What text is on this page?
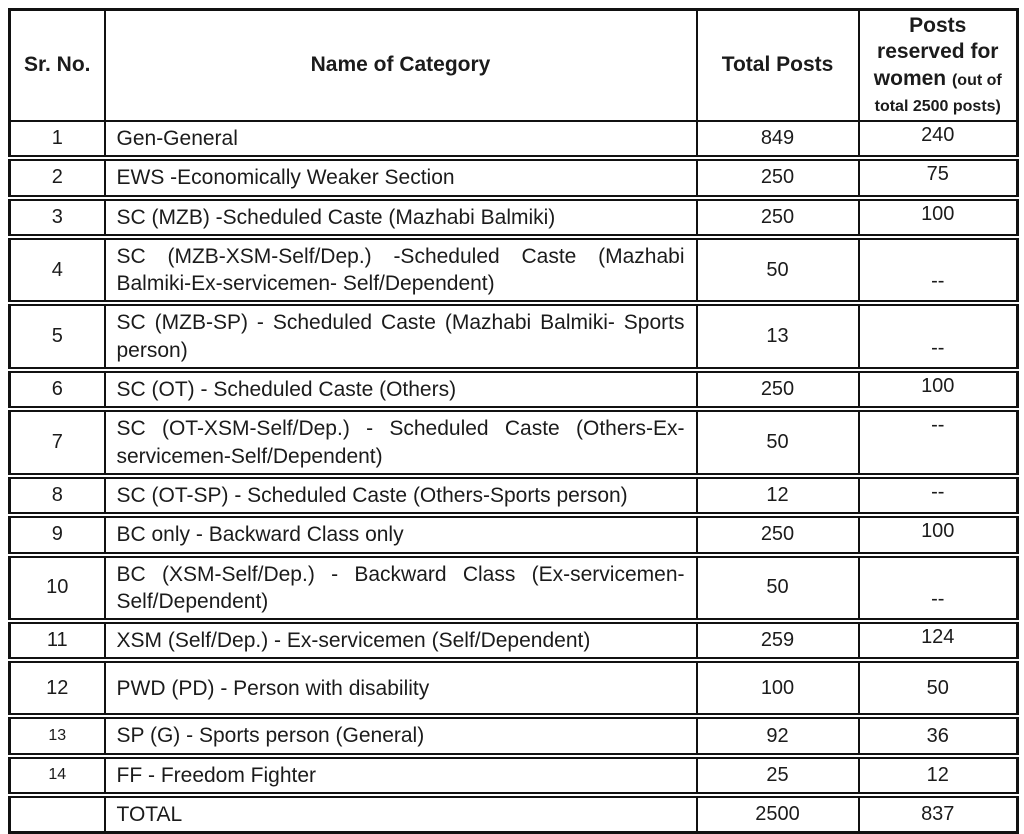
Sr. No.	Name of Category	Total Posts	Posts reserved for women (out of total 2500 posts)
1	Gen-General	849	240
2	EWS -Economically Weaker Section	250	75
3	SC (MZB) -Scheduled Caste (Mazhabi Balmiki)	250	100
4	SC (MZB-XSM-Self/Dep.) -Scheduled Caste (Mazhabi Balmiki-Ex-servicemen- Self/Dependent)	50	--
5	SC (MZB-SP) - Scheduled Caste (Mazhabi Balmiki- Sports person)	13	--
6	SC (OT) - Scheduled Caste (Others)	250	100
7	SC (OT-XSM-Self/Dep.) - Scheduled Caste (Others-Ex- servicemen-Self/Dependent)	50	--
8	SC (OT-SP) - Scheduled Caste (Others-Sports person)	12	--
9	BC only - Backward Class only	250	100
10	BC (XSM-Self/Dep.) - Backward Class (Ex-servicemen- Self/Dependent)	50	--
11	XSM (Self/Dep.) - Ex-servicemen (Self/Dependent)	259	124
12	PWD (PD) - Person with disability	100	50
13	SP (G) - Sports person (General)	92	36
14	FF - Freedom Fighter	25	12
	TOTAL	2500	837
